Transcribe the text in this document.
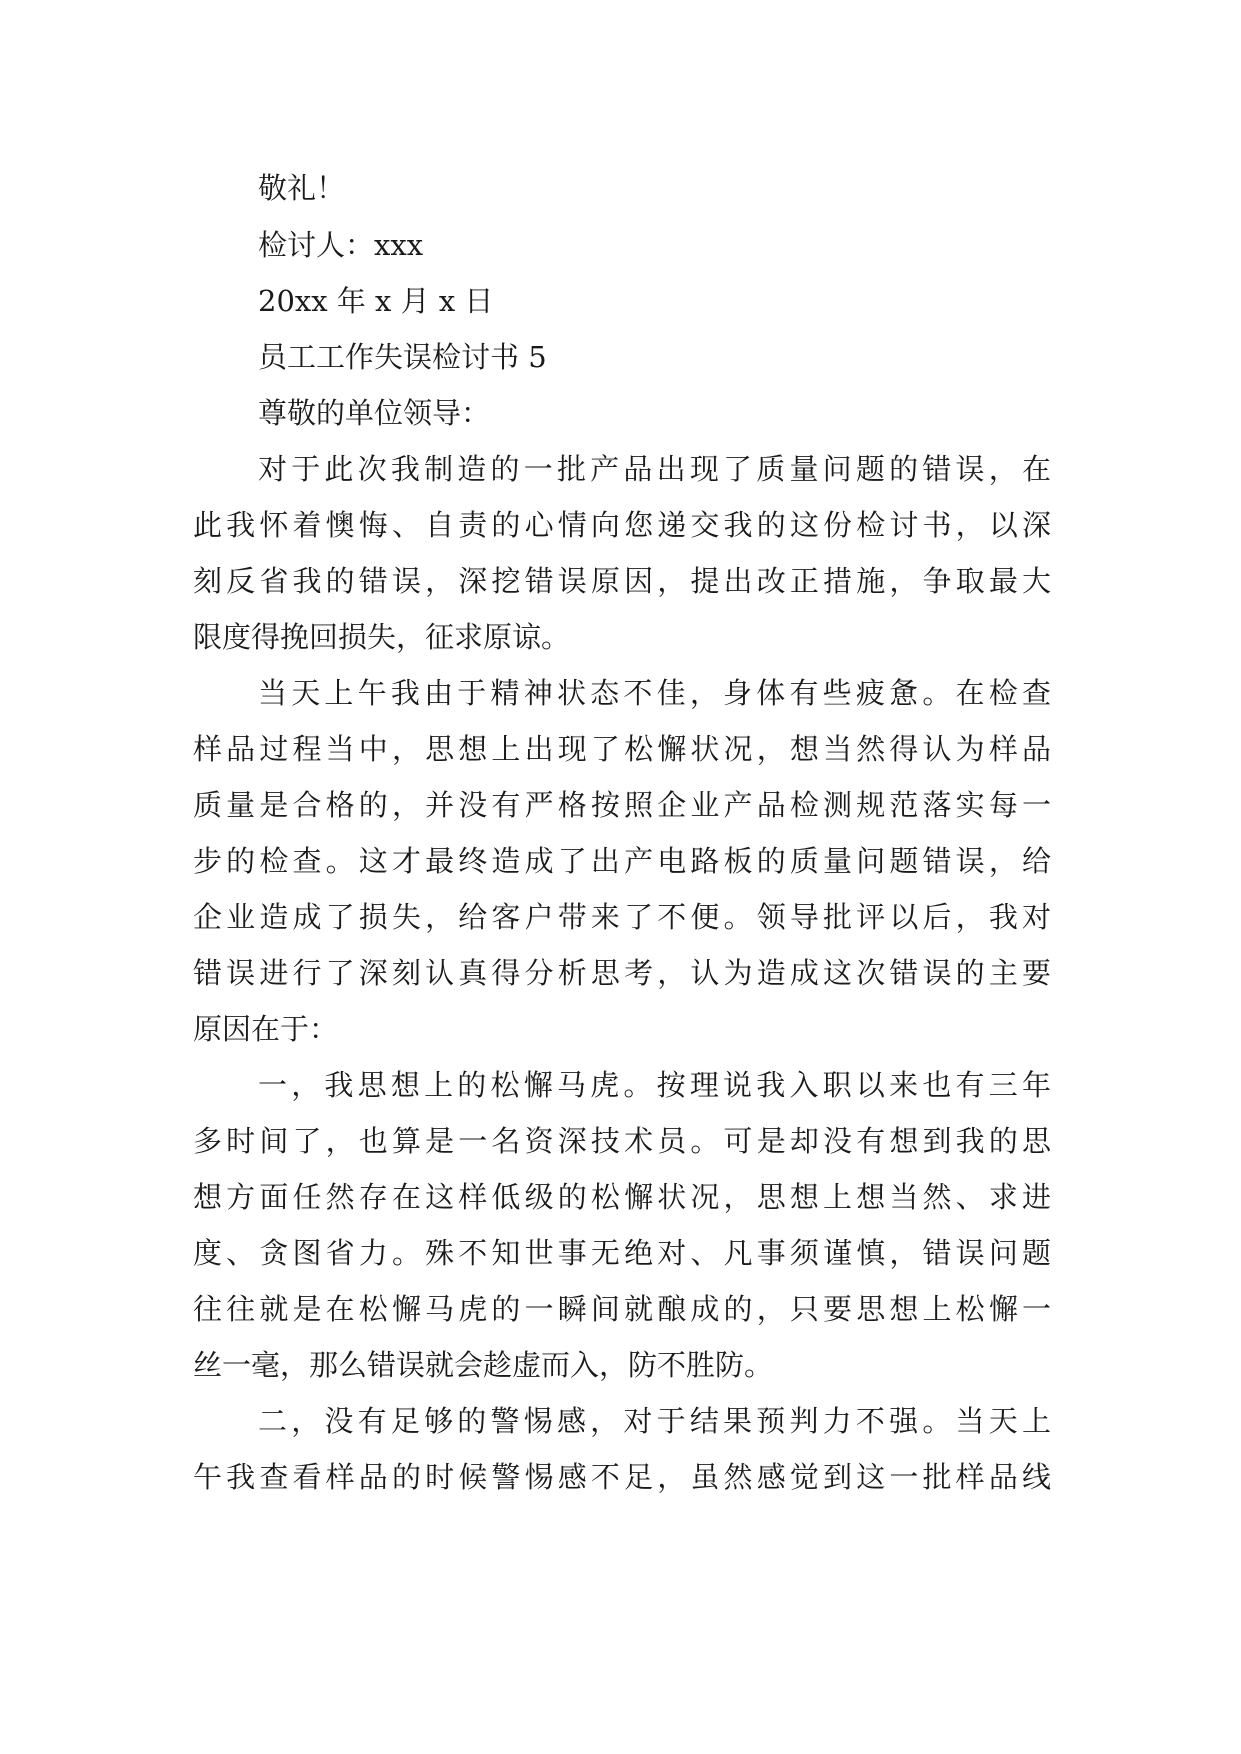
敬礼！
检讨人：xxx
20xx 年 x 月 x 日
员工工作失误检讨书 5
尊敬的单位领导：
对于此次我制造的一批产品出现了质量问题的错误，在
此我怀着懊悔、自责的心情向您递交我的这份检讨书，以深
刻反省我的错误，深挖错误原因，提出改正措施，争取最大
限度得挽回损失，征求原谅。
当天上午我由于精神状态不佳，身体有些疲惫。在检查
样品过程当中，思想上出现了松懈状况，想当然得认为样品
质量是合格的，并没有严格按照企业产品检测规范落实每一
步的检查。这才最终造成了出产电路板的质量问题错误，给
企业造成了损失，给客户带来了不便。领导批评以后，我对
错误进行了深刻认真得分析思考，认为造成这次错误的主要
原因在于：
一，我思想上的松懈马虎。按理说我入职以来也有三年
多时间了，也算是一名资深技术员。可是却没有想到我的思
想方面任然存在这样低级的松懈状况，思想上想当然、求进
度、贪图省力。殊不知世事无绝对、凡事须谨慎，错误问题
往往就是在松懈马虎的一瞬间就酿成的，只要思想上松懈一
丝一毫，那么错误就会趁虚而入，防不胜防。
二，没有足够的警惕感，对于结果预判力不强。当天上
午我查看样品的时候警惕感不足，虽然感觉到这一批样品线
